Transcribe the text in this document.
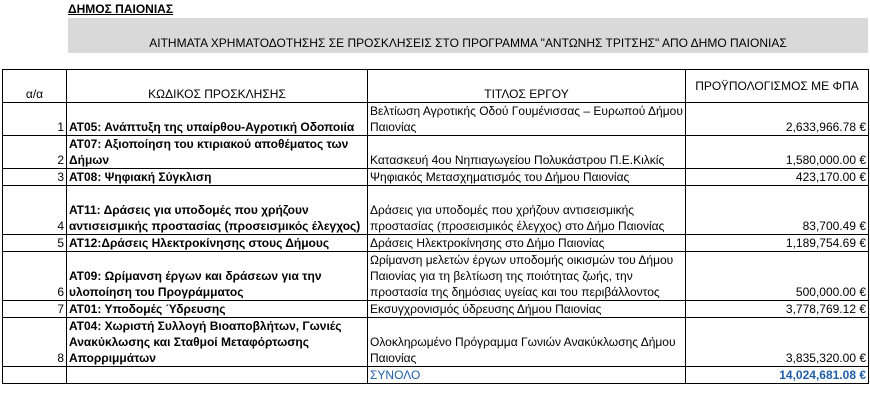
ΔΗΜΟΣ ΠΑΙΟΝΙΑΣ
ΑΙΤΗΜΑΤΑ ΧΡΗΜΑΤΟΔΟΤΗΣΗΣ ΣΕ ΠΡΟΣΚΛΗΣΕΙΣ ΣΤΟ ΠΡΟΓΡΑΜΜΑ "ΑΝΤΩΝΗΣ ΤΡΙΤΣΗΣ" ΑΠΟ ΔΗΜΟ ΠΑΙΟΝΙΑΣ
α/α	ΚΩΔΙΚΟΣ ΠΡΟΣΚΛΗΣΗΣ	ΤΙΤΛΟΣ ΕΡΓΟΥ	ΠΡΟΫΠΟΛΟΓΙΣΜΟΣ ΜΕ ΦΠΑ
1	ΑΤ05: Ανάπτυξη της υπαίρθου-Αγροτική Οδοποιία	Βελτίωση Αγροτικής Οδού Γουμένισσας – Ευρωπού Δήμου Παιονίας	2,633,966.78 €
2	ΑΤ07: Αξιοποίηση του κτιριακού αποθέματος των Δήμων	Κατασκευή 4ου Νηπιαγωγείου Πολυκάστρου Π.Ε.Κιλκίς	1,580,000.00 €
3	ΑΤ08: Ψηφιακή Σύγκλιση	Ψηφιακός Μετασχηματισμός του Δήμου Παιονίας	423,170.00 €
4	ΑΤ11: Δράσεις για υποδομές που χρήζουν αντισεισμικής προστασίας (προσεισμικός έλεγχος)	Δράσεις για υποδομές που χρήζουν αντισεισμικής προστασίας (προσεισμικός έλεγχος) στο Δήμο Παιονίας	83,700.49 €
5	ΑΤ12:Δράσεις Ηλεκτροκίνησης στους Δήμους	Δράσεις Ηλεκτροκίνησης στο Δήμο Παιονίας	1,189,754.69 €
6	ΑΤ09: Ωρίμανση έργων και δράσεων για την υλοποίηση του Προγράμματος	Ωρίμανση μελετών έργων υποδομής οικισμών του Δήμου Παιονίας για τη βελτίωση της ποιότητας ζωής, την προστασία της δημόσιας υγείας και του περιβάλλοντος	500,000.00 €
7	ΑΤ01: Υποδομές Ύδρευσης	Εκσυγχρονισμός ύδρευσης Δήμου Παιονίας	3,778,769.12 €
8	ΑΤ04: Χωριστή Συλλογή Βιοαποβλήτων, Γωνιές Ανακύκλωσης και Σταθμοί Μεταφόρτωσης Απορριμμάτων	Ολοκληρωμένο Πρόγραμμα Γωνιών Ανακύκλωσης Δήμου Παιονίας	3,835,320.00 €
		ΣΥΝΟΛΟ	14,024,681.08 €
